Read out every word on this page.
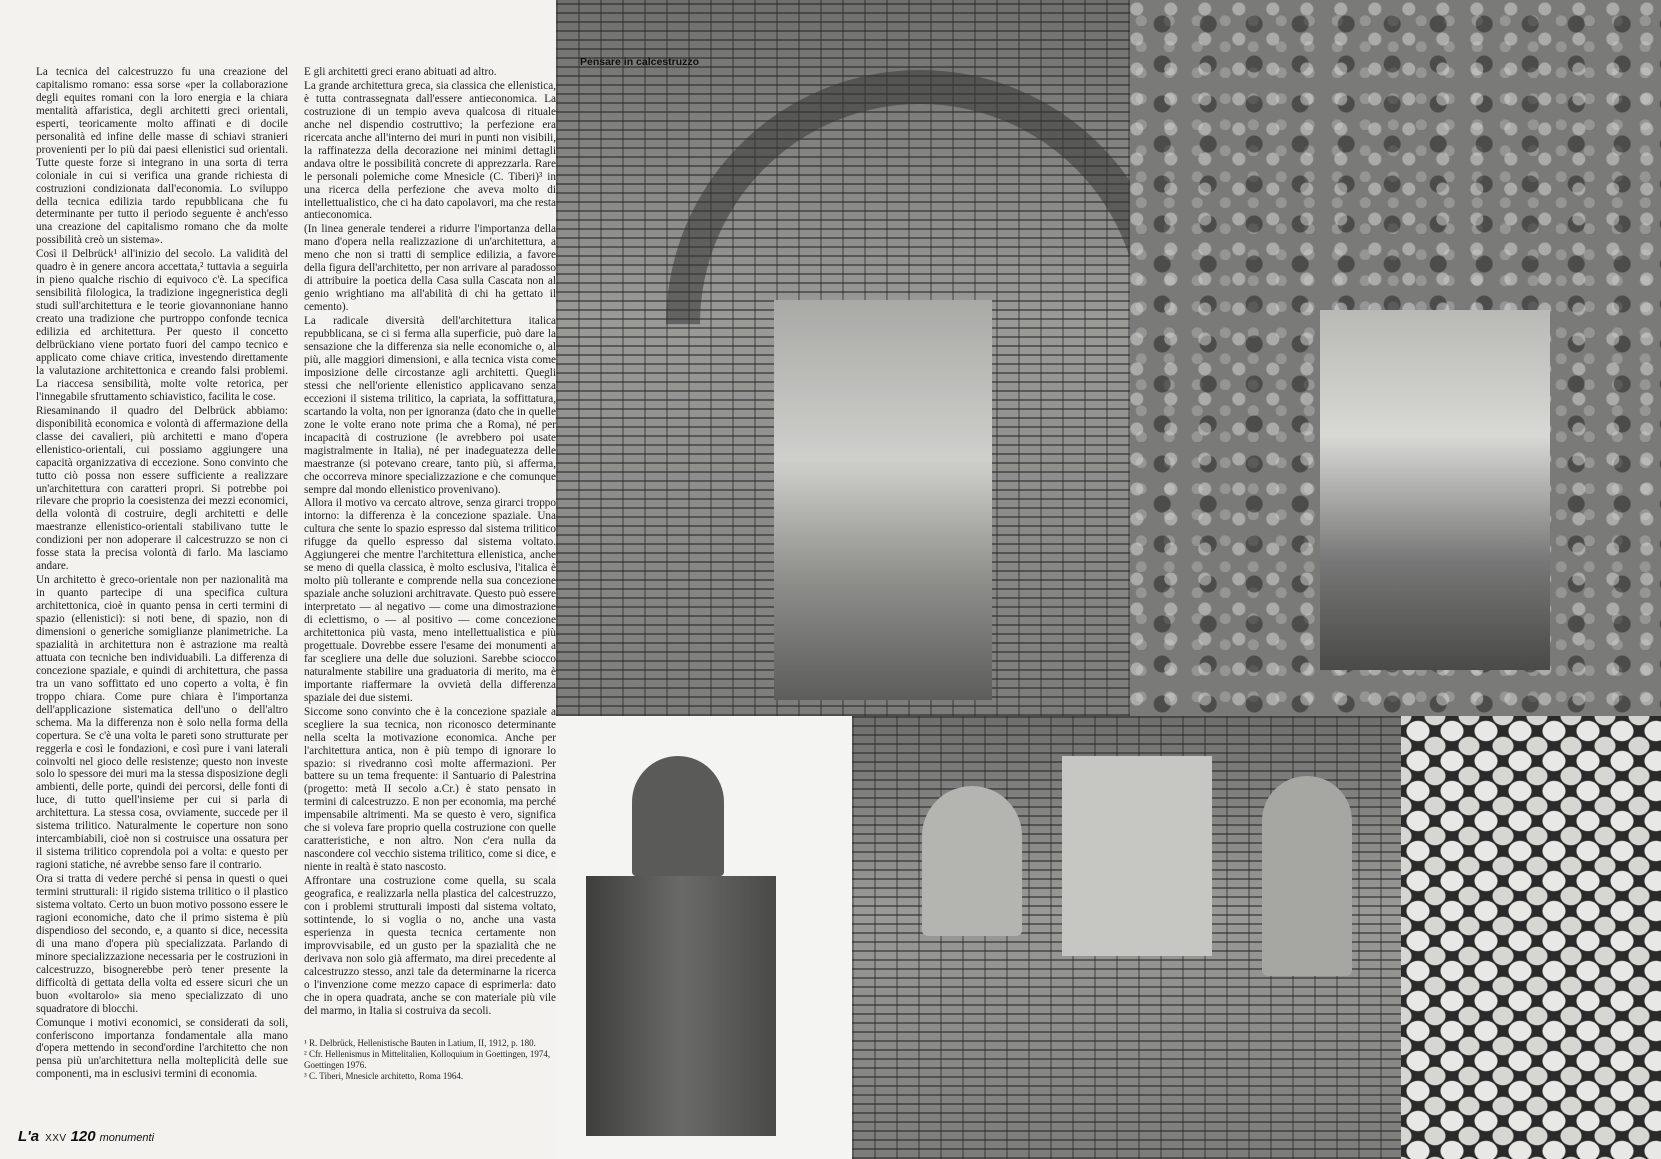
La tecnica del calcestruzzo fu una creazione del capitalismo romano: essa sorse «per la collaborazione degli equites romani con la loro energia e la chiara mentalità affaristica, degli architetti greci orientali, esperti, teoricamente molto affinati e di docile personalità ed infine delle masse di schiavi stranieri provenienti per lo più dai paesi ellenistici sud orientali. Tutte queste forze si integrano in una sorta di terra coloniale in cui si verifica una grande richiesta di costruzioni condizionata dall'economia. Lo sviluppo della tecnica edilizia tardo repubblicana che fu determinante per tutto il periodo seguente è anch'esso una creazione del capitalismo romano che da molte possibilità creò un sistema».

Così il Delbrück¹ all'inizio del secolo. La validità del quadro è in genere ancora accettata,² tuttavia a seguirla in pieno qualche rischio di equivoco c'è. La specifica sensibilità filologica, la tradizione ingegneristica degli studi sull'architettura e le teorie giovannoniane hanno creato una tradizione che purtroppo confonde tecnica edilizia ed architettura. Per questo il concetto delbrückiano viene portato fuori del campo tecnico e applicato come chiave critica, investendo direttamente la valutazione architettonica e creando falsi problemi. La riaccesa sensibilità, molte volte retorica, per l'innegabile sfruttamento schiavistico, facilita le cose.

Riesaminando il quadro del Delbrück abbiamo: disponibilità economica e volontà di affermazione della classe dei cavalieri, più architetti e mano d'opera ellenistico-orientali, cui possiamo aggiungere una capacità organizzativa di eccezione. Sono convinto che tutto ciò possa non essere sufficiente a realizzare un'architettura con caratteri propri. Si potrebbe poi rilevare che proprio la coesistenza dei mezzi economici, della volontà di costruire, degli architetti e delle maestranze ellenistico-orientali stabilivano tutte le condizioni per non adoperare il calcestruzzo se non ci fosse stata la precisa volontà di farlo. Ma lasciamo andare.

Un architetto è greco-orientale non per nazionalità ma in quanto partecipe di una specifica cultura architettonica, cioè in quanto pensa in certi termini di spazio (ellenistici): si noti bene, di spazio, non di dimensioni o generiche somiglianze planimetriche. La spazialità in architettura non è astrazione ma realtà attuata con tecniche ben individuabili. La differenza di concezione spaziale, e quindi di architettura, che passa tra un vano soffittato ed uno coperto a volta, è fin troppo chiara. Come pure chiara è l'importanza dell'applicazione sistematica dell'uno o dell'altro schema. Ma la differenza non è solo nella forma della copertura. Se c'è una volta le pareti sono strutturate per reggerla e così le fondazioni, e così pure i vani laterali coinvolti nel gioco delle resistenze; questo non investe solo lo spessore dei muri ma la stessa disposizione degli ambienti, delle porte, quindi dei percorsi, delle fonti di luce, di tutto quell'insieme per cui si parla di architettura. La stessa cosa, ovviamente, succede per il sistema trilitico. Naturalmente le coperture non sono intercambiabili, cioè non si costruisce una ossatura per il sistema trilitico coprendola poi a volta: e questo per ragioni statiche, né avrebbe senso fare il contrario.

Ora si tratta di vedere perché si pensa in questi o quei termini strutturali: il rigido sistema trilitico o il plastico sistema voltato. Certo un buon motivo possono essere le ragioni economiche, dato che il primo sistema è più dispendioso del secondo, e, a quanto si dice, necessita di una mano d'opera più specializzata. Parlando di minore specializzazione necessaria per le costruzioni in calcestruzzo, bisognerebbe però tener presente la difficoltà di gettata della volta ed essere sicuri che un buon «voltarolo» sia meno specializzato di uno squadratore di blocchi.

Comunque i motivi economici, se considerati da soli, conferiscono importanza fondamentale alla mano d'opera mettendo in second'ordine l'architetto che non pensa più un'architettura nella molteplicità delle sue componenti, ma in esclusivi termini di economia.

L'a XXV 120 monumenti
Pensare in calcestruzzo

E gli architetti greci erano abituati ad altro.

La grande architettura greca, sia classica che ellenistica, è tutta contrassegnata dall'essere antieconomica. La costruzione di un tempio aveva qualcosa di rituale anche nel dispendio costruttivo; la perfezione era ricercata anche all'interno dei muri in punti non visibili, la raffinatezza della decorazione nei minimi dettagli andava oltre le possibilità concrete di apprezzarla. Rare le personali polemiche come Mnesicle (C. Tiberi)³ in una ricerca della perfezione che aveva molto di intellettualistico, che ci ha dato capolavori, ma che resta antieconomica.

(In linea generale tenderei a ridurre l'importanza della mano d'opera nella realizzazione di un'architettura, a meno che non si tratti di semplice edilizia, a favore della figura dell'architetto, per non arrivare al paradosso di attribuire la poetica della Casa sulla Cascata non al genio wrightiano ma all'abilità di chi ha gettato il cemento).

La radicale diversità dell'architettura italica repubblicana, se ci si ferma alla superficie, può dare la sensazione che la differenza sia nelle economiche o, al più, alle maggiori dimensioni, e alla tecnica vista come imposizione delle circostanze agli architetti. Quegli stessi che nell'oriente ellenistico applicavano senza eccezioni il sistema trilitico, la capriata, la soffittatura, scartando la volta, non per ignoranza (dato che in quelle zone le volte erano note prima che a Roma), né per incapacità di costruzione (le avrebbero poi usate magistralmente in Italia), né per inadeguatezza delle maestranze (si potevano creare, tanto più, si afferma, che occorreva minore specializzazione e che comunque sempre dal mondo ellenistico provenivano).

Allora il motivo va cercato altrove, senza girarci troppo intorno: la differenza è la concezione spaziale. Una cultura che sente lo spazio espresso dal sistema trilitico rifugge da quello espresso dal sistema voltato. Aggiungerei che mentre l'architettura ellenistica, anche se meno di quella classica, è molto esclusiva, l'italica è molto più tollerante e comprende nella sua concezione spaziale anche soluzioni architravate. Questo può essere interpretato — al negativo — come una dimostrazione di eclettismo, o — al positivo — come concezione architettonica più vasta, meno intellettualistica e più progettuale. Dovrebbe essere l'esame dei monumenti a far scegliere una delle due soluzioni. Sarebbe sciocco naturalmente stabilire una graduatoria di merito, ma è importante riaffermare la ovvietà della differenza spaziale dei due sistemi.

Siccome sono convinto che è la concezione spaziale a scegliere la sua tecnica, non riconosco determinante nella scelta la motivazione economica. Anche per l'architettura antica, non è più tempo di ignorare lo spazio: si rivedranno così molte affermazioni. Per battere su un tema frequente: il Santuario di Palestrina (progetto: metà II secolo a.Cr.) è stato pensato in termini di calcestruzzo. E non per economia, ma perché impensabile altrimenti. Ma se questo è vero, significa che si voleva fare proprio quella costruzione con quelle caratteristiche, e non altro. Non c'era nulla da nascondere col vecchio sistema trilitico, come si dice, e niente in realtà è stato nascosto.

Affrontare una costruzione come quella, su scala geografica, e realizzarla nella plastica del calcestruzzo, con i problemi strutturali imposti dal sistema voltato, sottintende, lo si voglia o no, anche una vasta esperienza in questa tecnica certamente non improvvisabile, ed un gusto per la spazialità che ne derivava non solo già affermato, ma direi precedente al calcestruzzo stesso, anzi tale da determinarne la ricerca o l'invenzione come mezzo capace di esprimerla: dato che in opera quadrata, anche se con materiale più vile del marmo, in Italia si costruiva da secoli.

¹ R. Delbrück, Hellenistische Bauten in Latium, II, 1912, p. 180.
² Cfr. Hellenismus in Mittelitalien, Kolloquium in Goettingen, 1974, Goettingen 1976.
³ C. Tiberi, Mnesicle architetto, Roma 1964.
